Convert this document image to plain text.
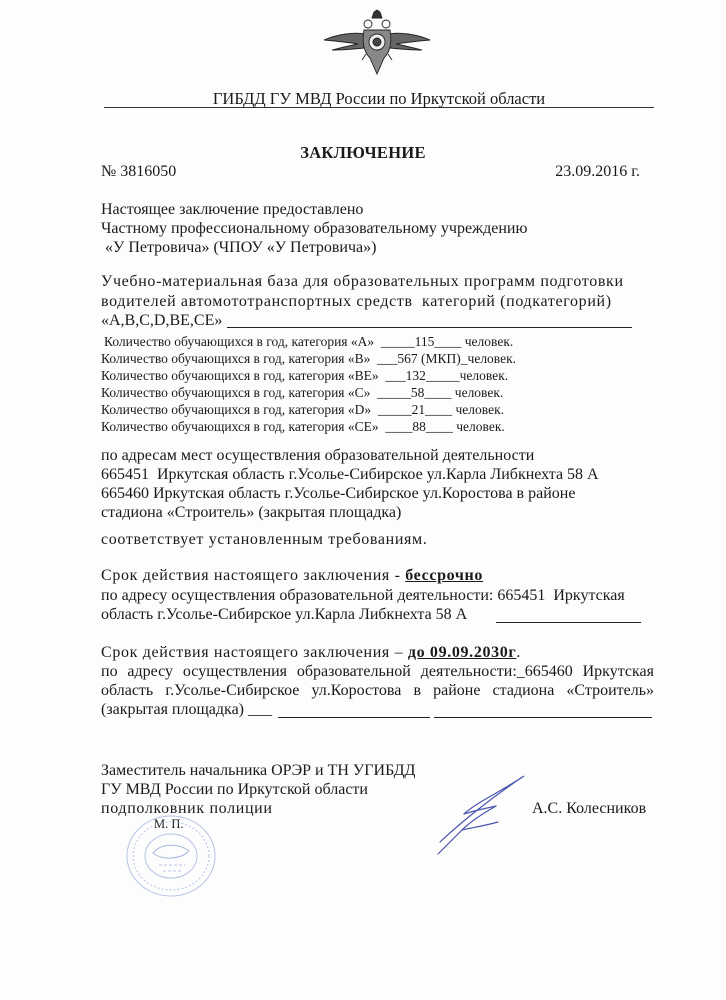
ГИБДД ГУ МВД России по Иркутской области
ЗАКЛЮЧЕНИЕ
№ 3816050	23.09.2016 г.
Настоящее заключение предоставлено
Частному профессиональному образовательному учреждению
«У Петровича» (ЧПОУ «У Петровича»)
Учебно-материальная база для образовательных программ подготовки
водителей автомототранспортных средств  категорий (подкатегорий)
«А,В,С,D,ВЕ,СЕ»
Количество обучающихся в год, категория «А» _____115____ человек.
Количество обучающихся в год, категория «В» ___567 (МКП)_человек.
Количество обучающихся в год, категория «ВЕ» ___132_____человек.
Количество обучающихся в год, категория «С» _____58____ человек.
Количество обучающихся в год, категория «D» _____21____ человек.
Количество обучающихся в год, категория «СЕ» ____88____ человек.
по адресам мест осуществления образовательной деятельности
665451  Иркутская область г.Усолье-Сибирское ул.Карла Либкнехта 58 А
665460 Иркутская область г.Усолье-Сибирское ул.Коростова в районе
стадиона «Строитель» (закрытая площадка)
соответствует установленным требованиям.
Срок действия настоящего заключения - бессрочно
по адресу осуществления образовательной деятельности: 665451  Иркутская
область г.Усолье-Сибирское ул.Карла Либкнехта 58 А
Срок действия настоящего заключения – до 09.09.2030г.
по адресу осуществления образовательной деятельности:_665460 Иркутская
область г.Усолье-Сибирское ул.Коростова в районе стадиона «Строитель»
(закрытая площадка) ___
Заместитель начальника ОРЭР и ТН УГИБДД
ГУ МВД России по Иркутской области
подполковник полиции
М. П.
А.С. Колесников
